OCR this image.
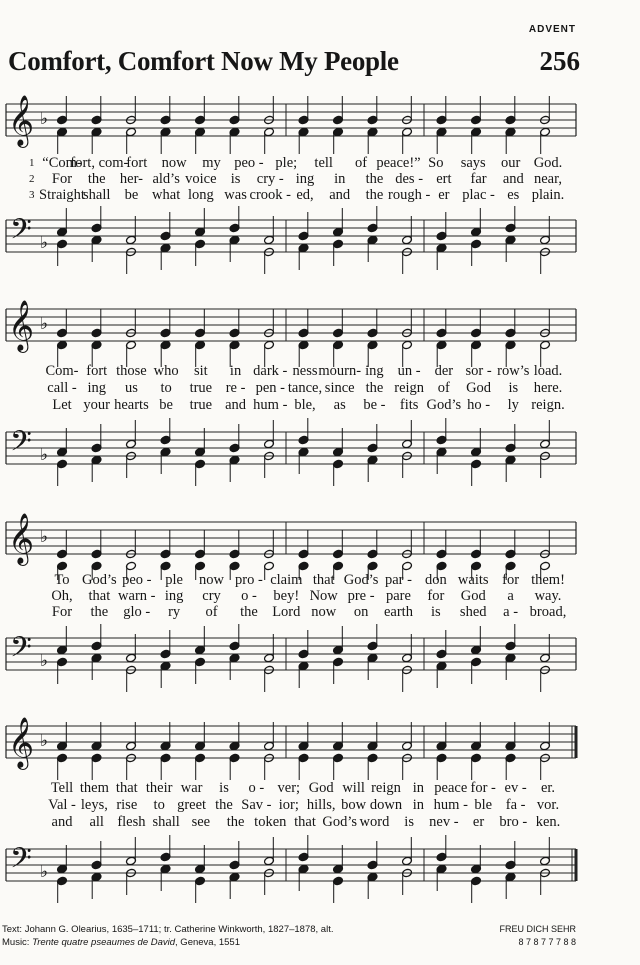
ADVENT
Comfort, Comfort Now My People	256
𝄞 ♭
1 “Com-
fort, com-
fort now my peo - ple; tell of peace!” So says our God.
2 For the her- ald’s voice is cry - ing in the des - ert far and near,
3 Straight
shall be what long was crook - ed, and the rough - er plac - es plain.
𝄢 ♭
𝄞 ♭
Com- fort those who sit in dark - ness mourn- ing un - der sor - row’s load.
call - ing us to true re - pen - tance, since the reign of God is here.
Let your hearts be true and hum - ble, as be - fits God’s ho - ly reign.
𝄢 ♭
𝄞 ♭
To God’s peo - ple now pro - claim that God’s par - don waits for them!
Oh, that warn - ing cry o - bey! Now pre - pare for God a way.
For the glo - ry of the Lord now on earth is shed a - broad,
𝄢 ♭
𝄞 ♭
Tell them that their war is o - ver; God will reign in peace for - ev - er.
Val - leys, rise to greet the Sav - ior; hills, bow down in hum - ble fa - vor.
and all flesh shall see the token that God’s word is nev - er bro - ken.
𝄢 ♭
Text: Johann G. Olearius, 1635–1711; tr. Catherine Winkworth, 1827–1878, alt.
Music: Trente quatre pseaumes de David, Geneva, 1551
FREU DICH SEHR
8 7 8 7 7 7 8 8
